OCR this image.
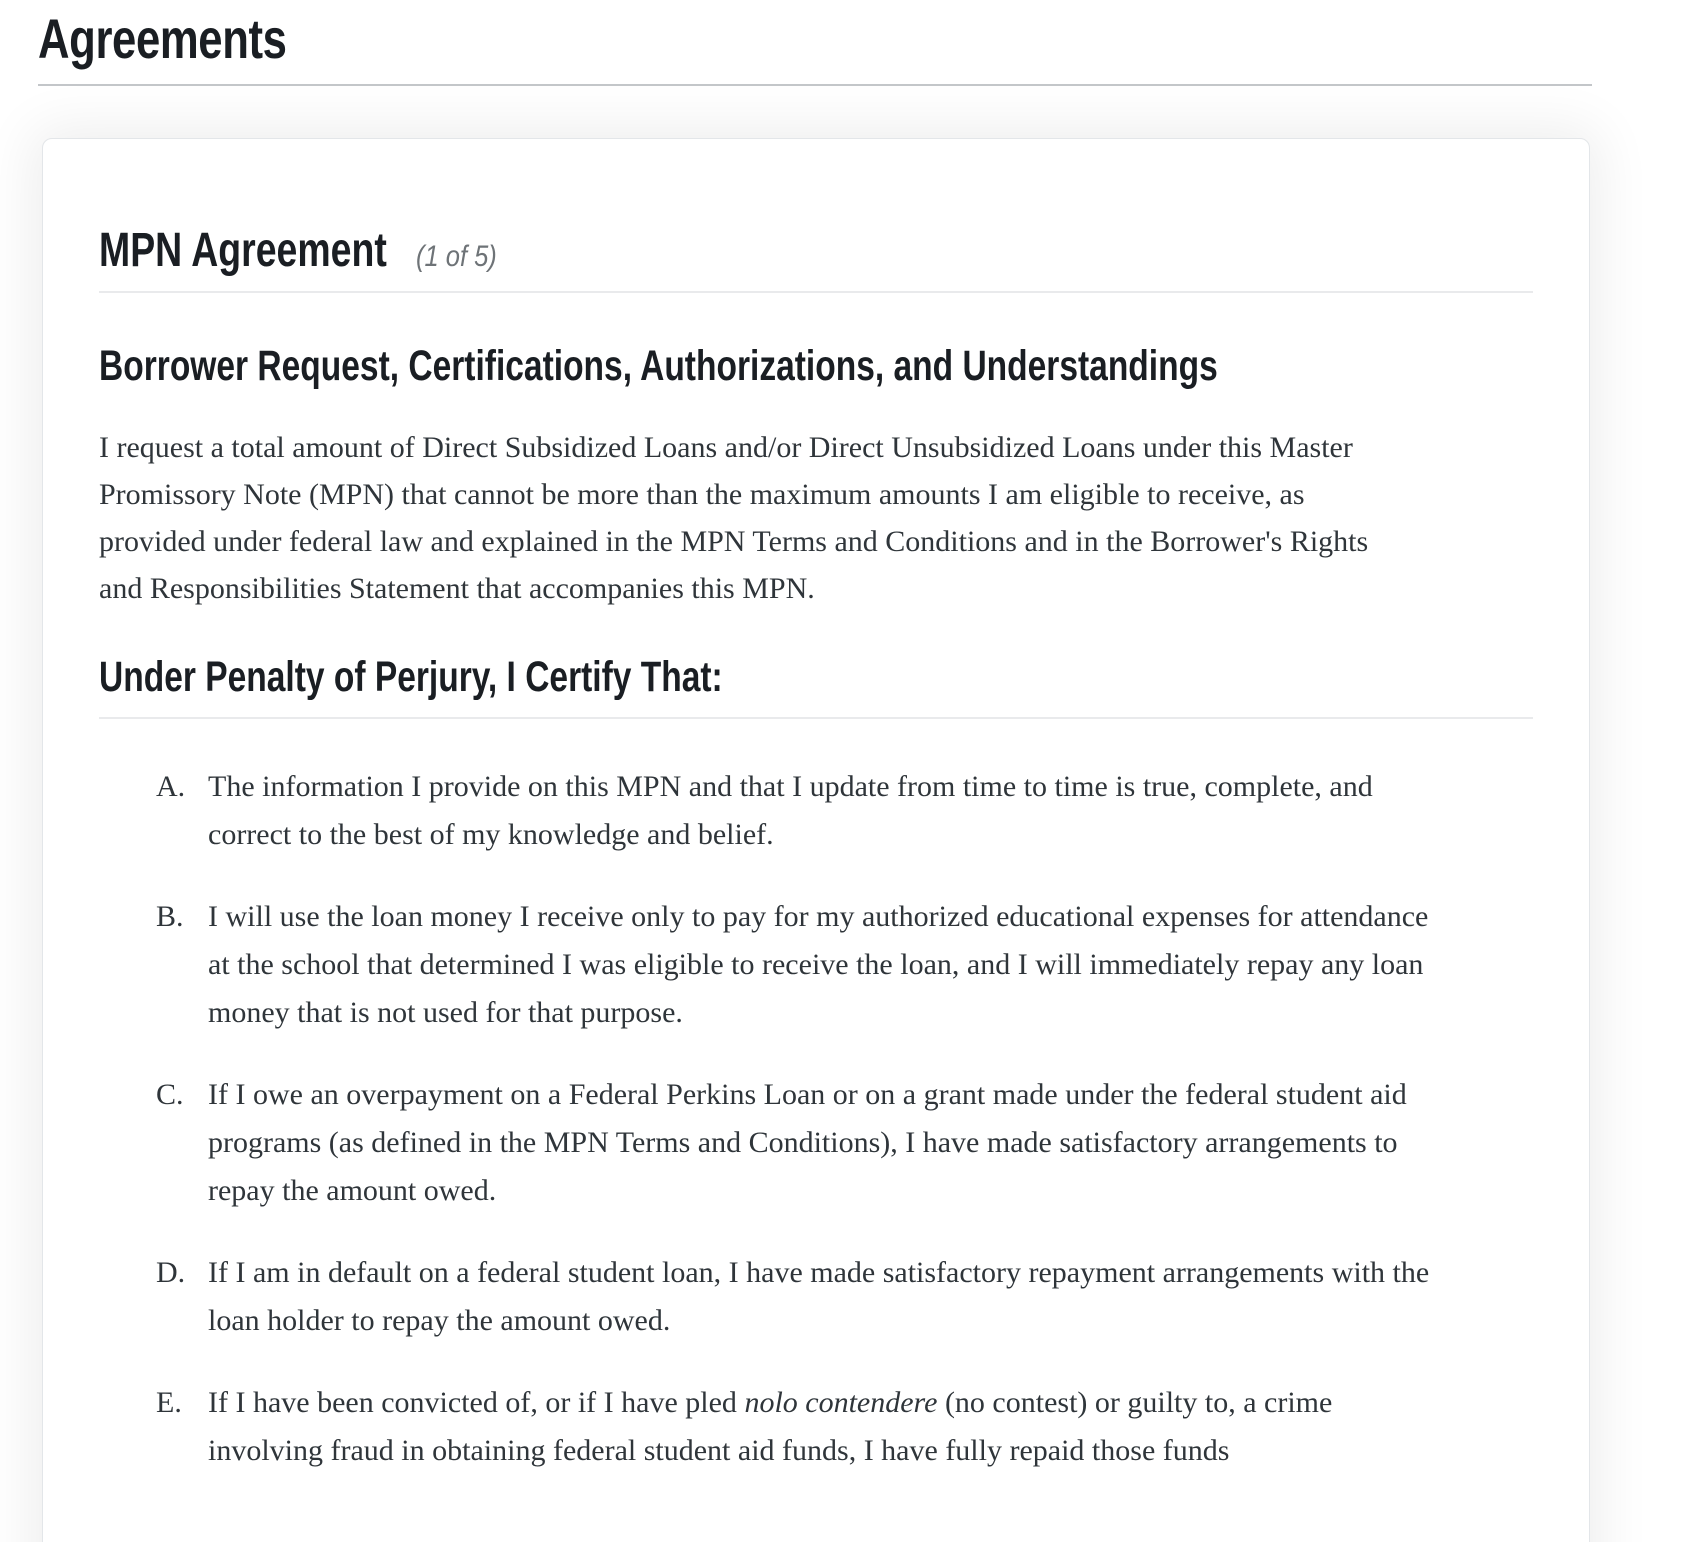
Agreements
MPN Agreement (1 of 5)
Borrower Request, Certifications, Authorizations, and Understandings

I request a total amount of Direct Subsidized Loans and/or Direct Unsubsidized Loans under this Master Promissory Note (MPN) that cannot be more than the maximum amounts I am eligible to receive, as provided under federal law and explained in the MPN Terms and Conditions and in the Borrower's Rights and Responsibilities Statement that accompanies this MPN.

Under Penalty of Perjury, I Certify That:
A. The information I provide on this MPN and that I update from time to time is true, complete, and correct to the best of my knowledge and belief.
B. I will use the loan money I receive only to pay for my authorized educational expenses for attendance at the school that determined I was eligible to receive the loan, and I will immediately repay any loan money that is not used for that purpose.
C. If I owe an overpayment on a Federal Perkins Loan or on a grant made under the federal student aid programs (as defined in the MPN Terms and Conditions), I have made satisfactory arrangements to repay the amount owed.
D. If I am in default on a federal student loan, I have made satisfactory repayment arrangements with the loan holder to repay the amount owed.
E. If I have been convicted of, or if I have pled nolo contendere (no contest) or guilty to, a crime involving fraud in obtaining federal student aid funds, I have fully repaid those funds
